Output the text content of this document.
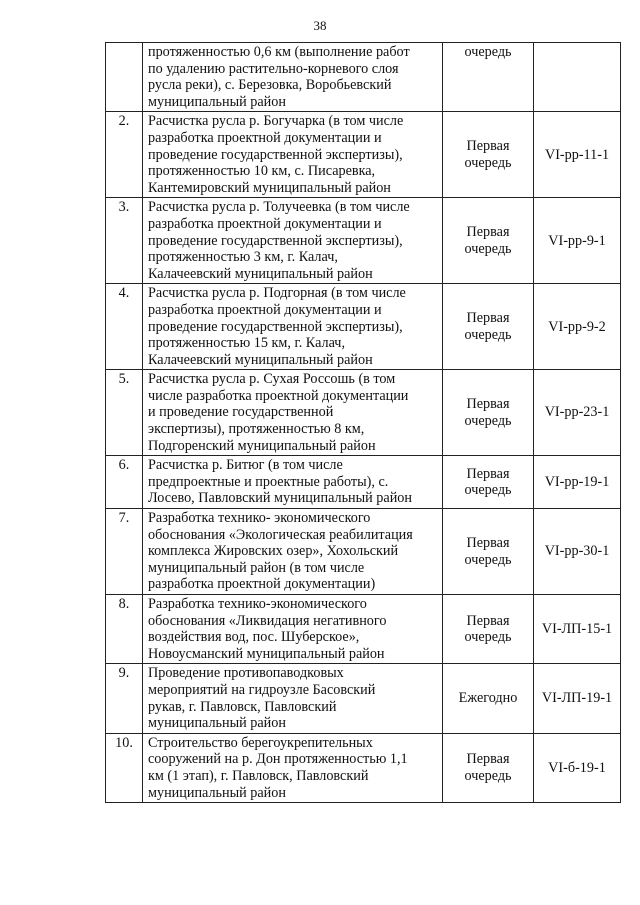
38

	протяженностью 0,6 км (выполнение работ
по удалению растительно-корневого слоя
русла реки), с. Березовка, Воробьевский
муниципальный район	очередь	

2.	Расчистка русла р. Богучарка (в том числе
разработка проектной документации и
проведение государственной экспертизы),
протяженностью 10 км, с. Писаревка,
Кантемировский муниципальный район	Первая
очередь	VI-рр-11-1
3.	Расчистка русла р. Толучеевка (в том числе
разработка проектной документации и
проведение государственной экспертизы),
протяженностью 3 км, г. Калач,
Калачеевский муниципальный район	Первая
очередь	VI-рр-9-1
4.	Расчистка русла р. Подгорная (в том числе
разработка проектной документации и
проведение государственной экспертизы),
протяженностью 15 км, г. Калач,
Калачеевский муниципальный район	Первая
очередь	VI-рр-9-2
5.	Расчистка русла р. Сухая Россошь (в том
числе разработка проектной документации
и проведение государственной
экспертизы), протяженностью 8 км,
Подгоренский муниципальный район	Первая
очередь	VI-рр-23-1
6.	Расчистка р. Битюг (в том числе
предпроектные и проектные работы), с.
Лосево, Павловский муниципальный район	Первая
очередь	VI-рр-19-1
7.	Разработка технико- экономического
обоснования «Экологическая реабилитация
комплекса Жировских озер», Хохольский
муниципальный район (в том числе
разработка проектной документации)	Первая
очередь	VI-рр-30-1
8.	Разработка технико-экономического
обоснования «Ликвидация негативного
воздействия вод, пос. Шуберское»,
Новоусманский муниципальный район	Первая
очередь	VI-ЛП-15-1
9.	Проведение противопаводковых
мероприятий на гидроузле Басовский
рукав, г. Павловск, Павловский
муниципальный район	Ежегодно	VI-ЛП-19-1
10.	Строительство берегоукрепительных
сооружений на р. Дон протяженностью 1,1
км (1 этап), г. Павловск, Павловский
муниципальный район	Первая
очередь	VI-б-19-1
